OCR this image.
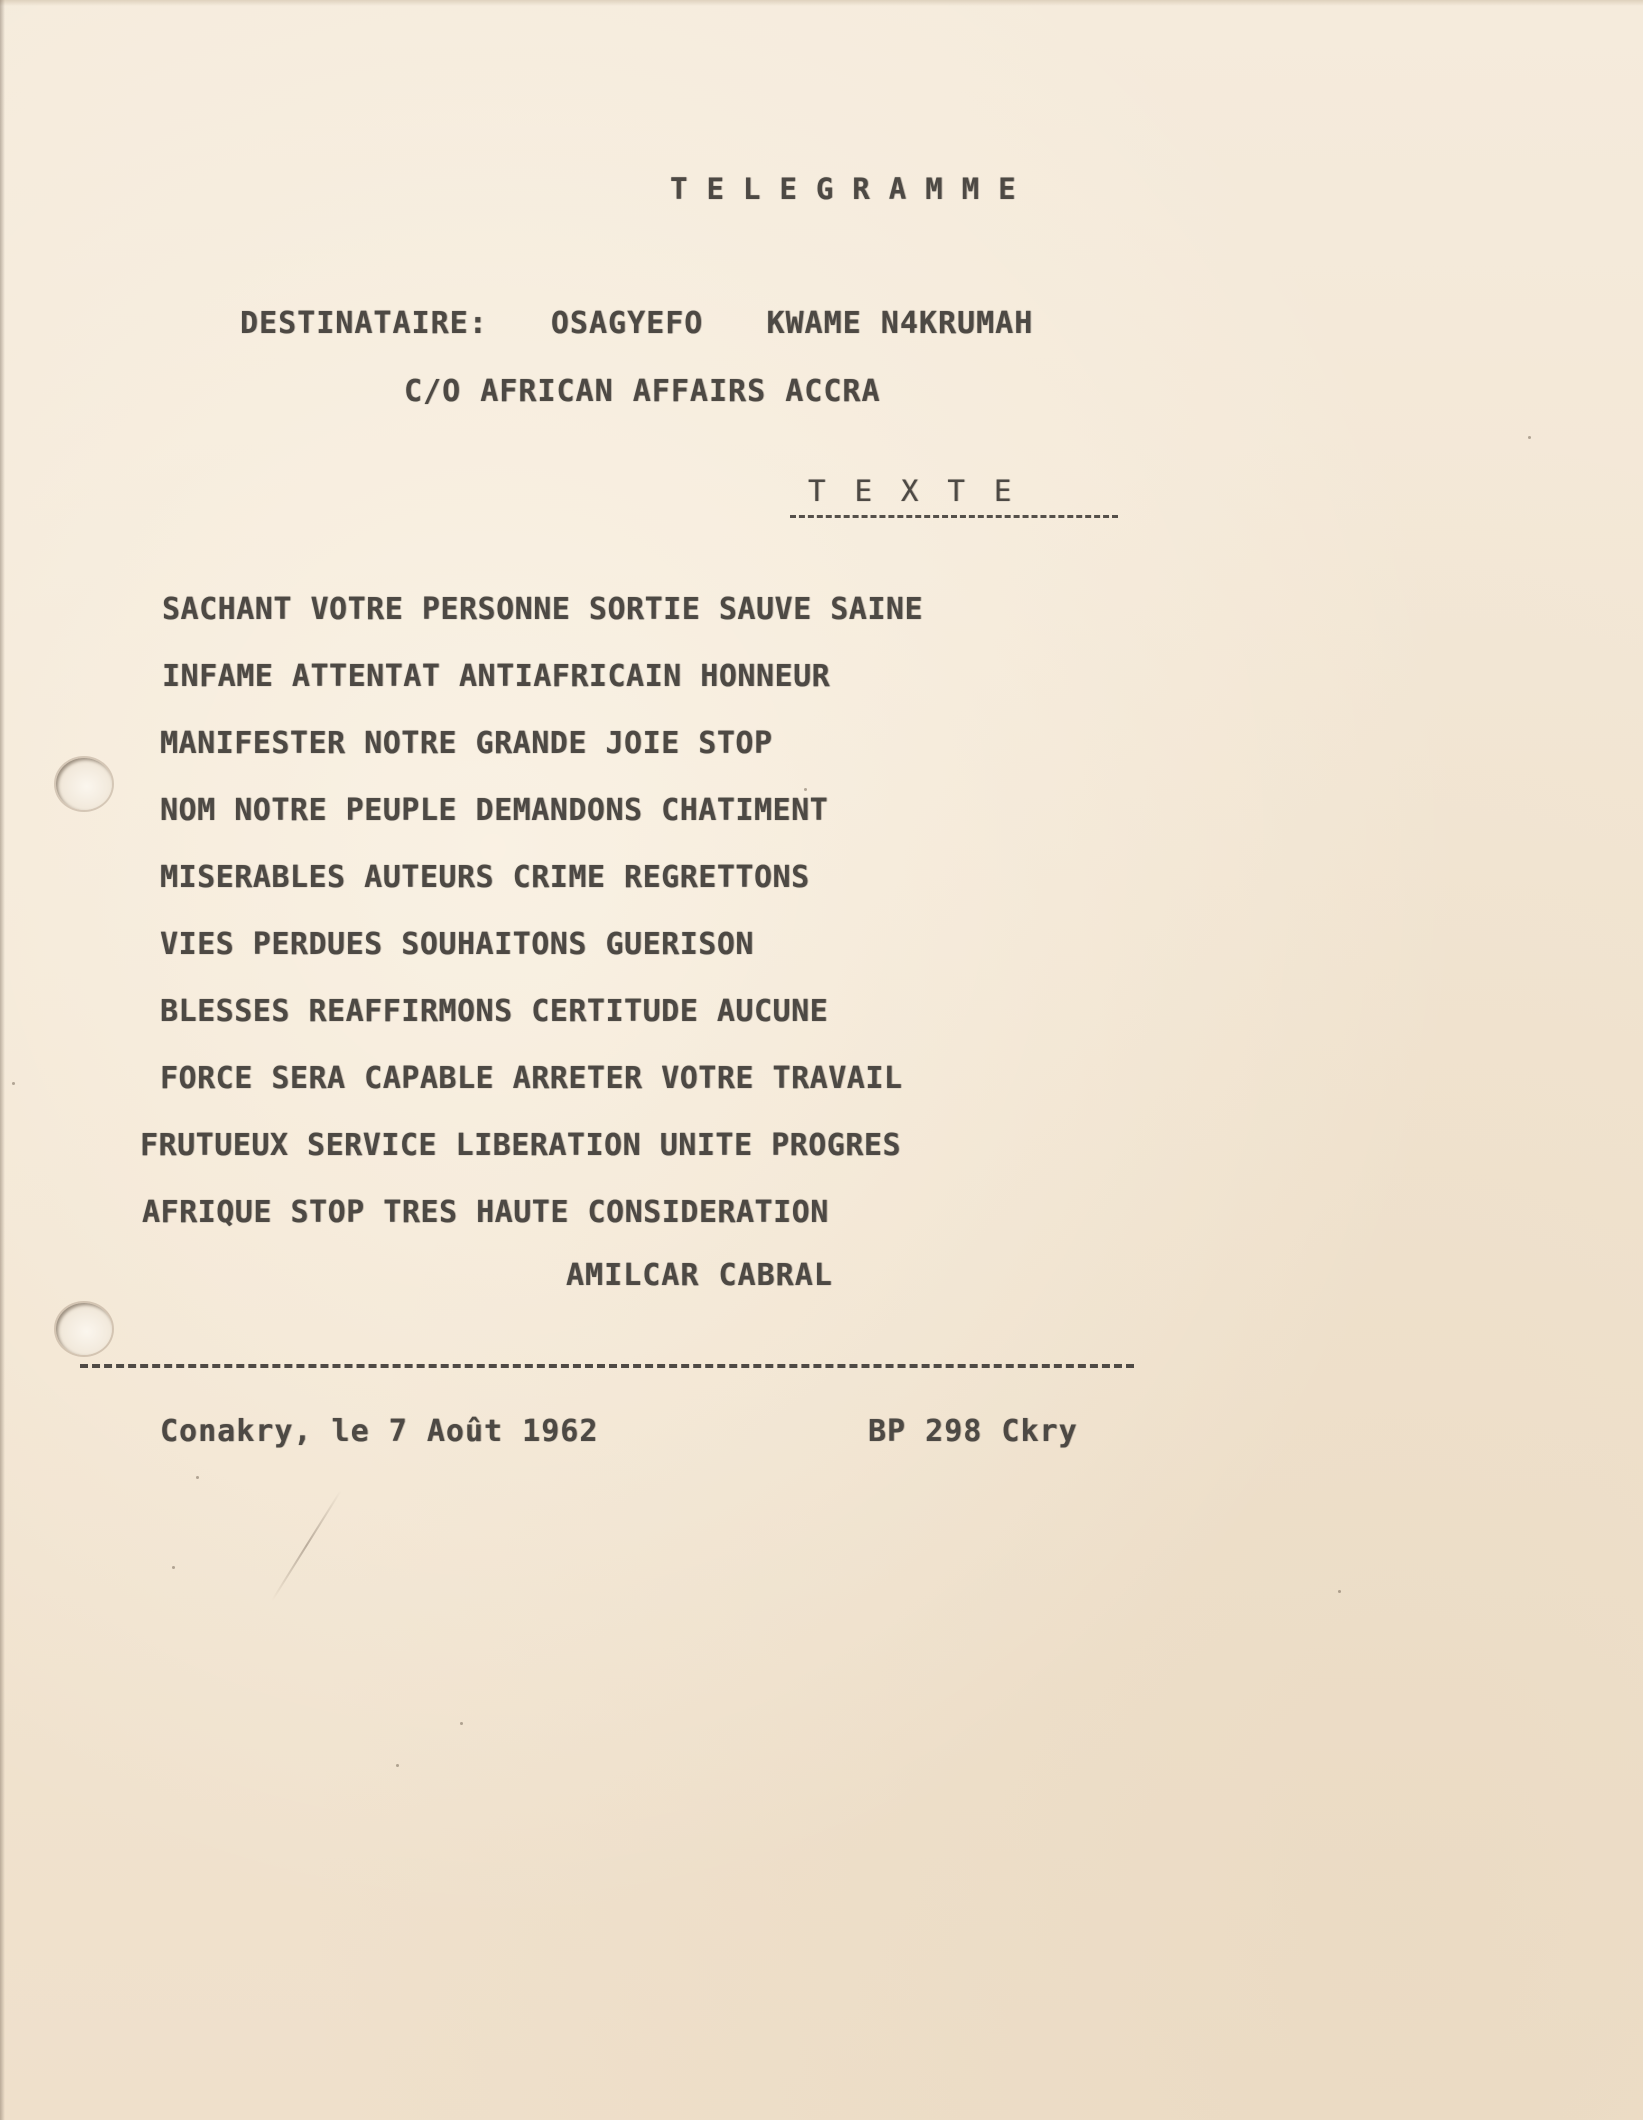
TELEGRAMME
DESTINATAIRE: OSAGYEFO KWAME N4KRUMAH
C/O AFRICAN AFFAIRS ACCRA
TEXTE
SACHANT VOTRE PERSONNE SORTIE SAUVE SAINE
INFAME ATTENTAT ANTIAFRICAIN HONNEUR
MANIFESTER NOTRE GRANDE JOIE STOP
NOM NOTRE PEUPLE DEMANDONS CHATIMENT
MISERABLES AUTEURS CRIME REGRETTONS
VIES PERDUES SOUHAITONS GUERISON
BLESSES REAFFIRMONS CERTITUDE AUCUNE
FORCE SERA CAPABLE ARRETER VOTRE TRAVAIL
FRUTUEUX SERVICE LIBERATION UNITE PROGRES
AFRIQUE STOP TRES HAUTE CONSIDERATION
AMILCAR CABRAL
Conakry, le 7 Août 1962	BP 298 Ckry
